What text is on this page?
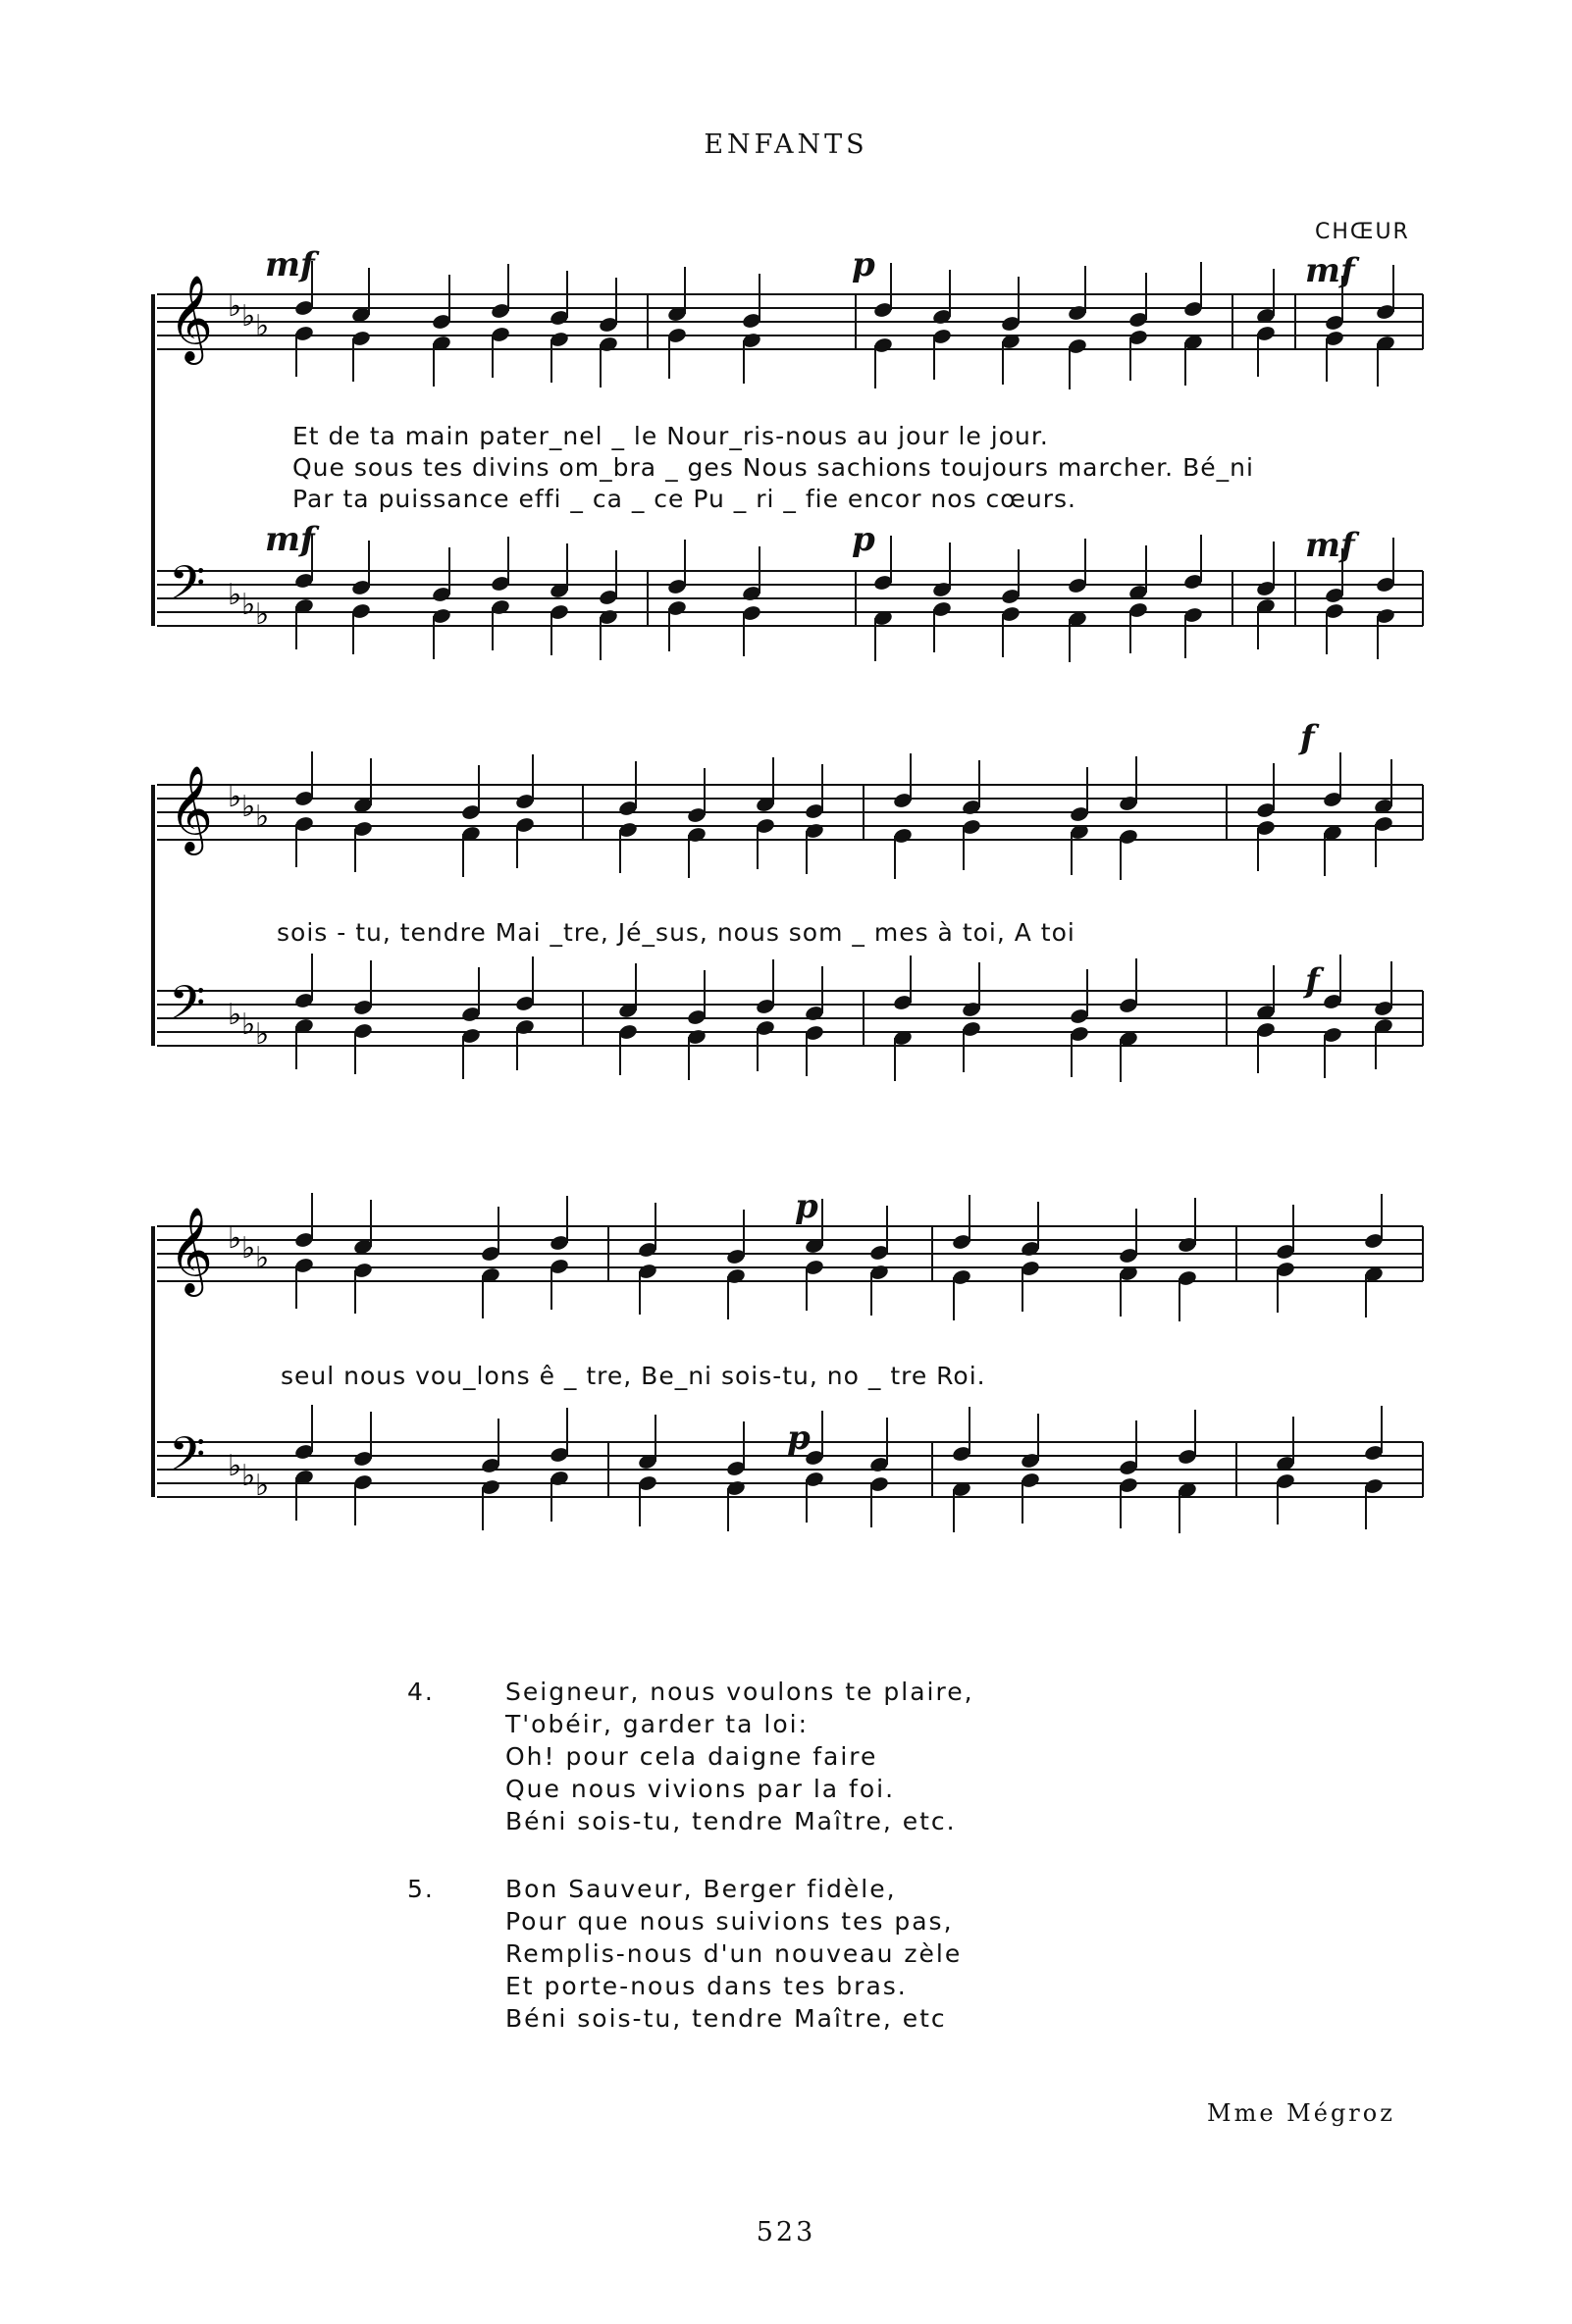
ENFANTS
𝄞
𝄢
♭
♭
♭
♭
♭
♭
CHŒUR
mf	p	mf
Et de ta main pater_nel _ le Nour_ris-nous au jour le jour.
Que sous tes divins om_bra _ ges Nous sachions toujours marcher. Bé_ni
Par ta puissance effi _ ca _ ce Pu _ ri _ fie encor nos cœurs.
mf	p	mf
𝄞
𝄢
♭
♭
♭
♭
♭
♭
f
sois - tu, tendre Mai _tre, Jé_sus, nous som _ mes à toi, A toi
f
𝄞
𝄢
♭
♭
♭
♭
♭
♭
p
seul nous vou_lons ê _ tre, Be_ni sois-tu, no _ tre Roi.
p
4.	Seigneur, nous voulons te plaire,
T'obéir, garder ta loi:
Oh! pour cela daigne faire
Que nous vivions par la foi.
Béni sois-tu, tendre Maître, etc.
5.	Bon Sauveur, Berger fidèle,
Pour que nous suivions tes pas,
Remplis-nous d'un nouveau zèle
Et porte-nous dans tes bras.
Béni sois-tu, tendre Maître, etc
Mme Mégroz
523
